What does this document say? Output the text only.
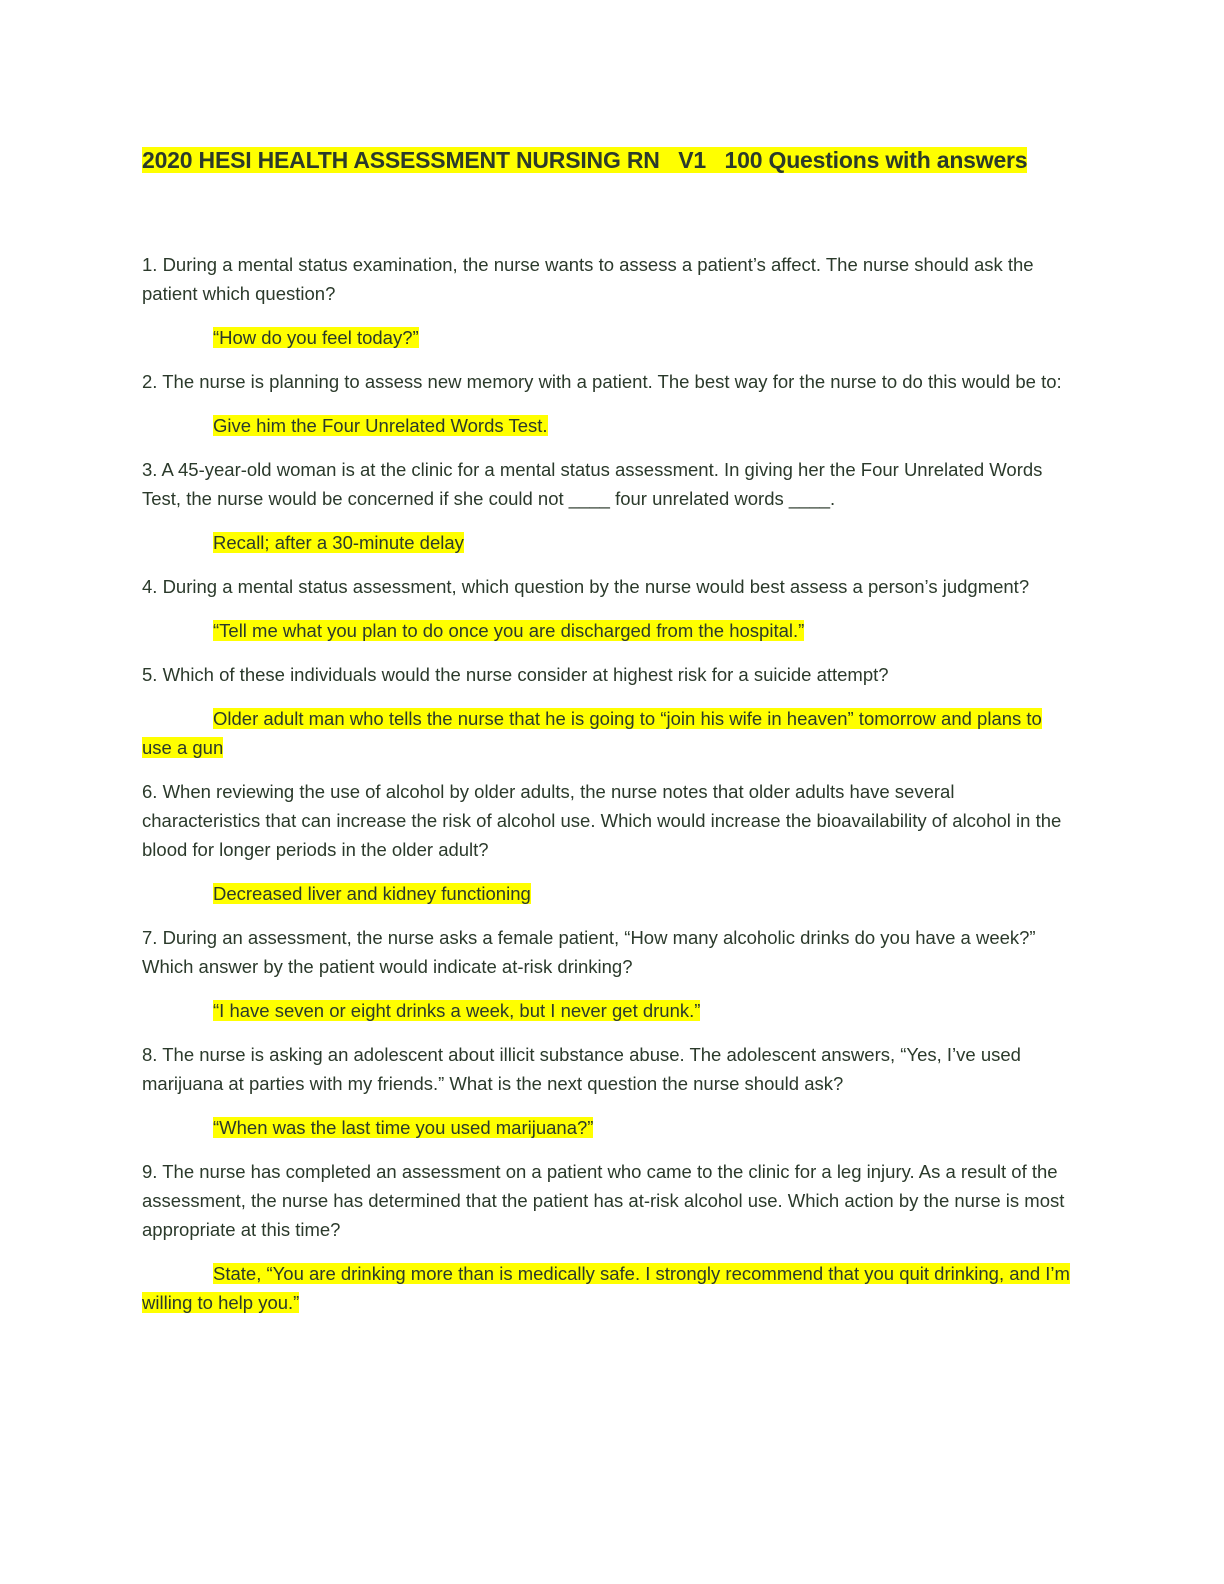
2020 HESI HEALTH ASSESSMENT NURSING RN   V1   100 Questions with answers

1. During a mental status examination, the nurse wants to assess a patient’s affect. The nurse should ask the patient which question?

“How do you feel today?”

2. The nurse is planning to assess new memory with a patient. The best way for the nurse to do this would be to:

Give him the Four Unrelated Words Test.

3. A 45-year-old woman is at the clinic for a mental status assessment. In giving her the Four Unrelated Words Test, the nurse would be concerned if she could not ____ four unrelated words ____.

Recall; after a 30-minute delay

4. During a mental status assessment, which question by the nurse would best assess a person’s judgment?

“Tell me what you plan to do once you are discharged from the hospital.”

5. Which of these individuals would the nurse consider at highest risk for a suicide attempt?

Older adult man who tells the nurse that he is going to “join his wife in heaven” tomorrow and plans to use a gun

6. When reviewing the use of alcohol by older adults, the nurse notes that older adults have several characteristics that can increase the risk of alcohol use. Which would increase the bioavailability of alcohol in the blood for longer periods in the older adult?

Decreased liver and kidney functioning

7. During an assessment, the nurse asks a female patient, “How many alcoholic drinks do you have a week?” Which answer by the patient would indicate at-risk drinking?

“I have seven or eight drinks a week, but I never get drunk.”

8. The nurse is asking an adolescent about illicit substance abuse. The adolescent answers, “Yes, I’ve used marijuana at parties with my friends.” What is the next question the nurse should ask?

“When was the last time you used marijuana?”

9. The nurse has completed an assessment on a patient who came to the clinic for a leg injury. As a result of the assessment, the nurse has determined that the patient has at-risk alcohol use. Which action by the nurse is most appropriate at this time?

State, “You are drinking more than is medically safe. I strongly recommend that you quit drinking, and I’m willing to help you.”
